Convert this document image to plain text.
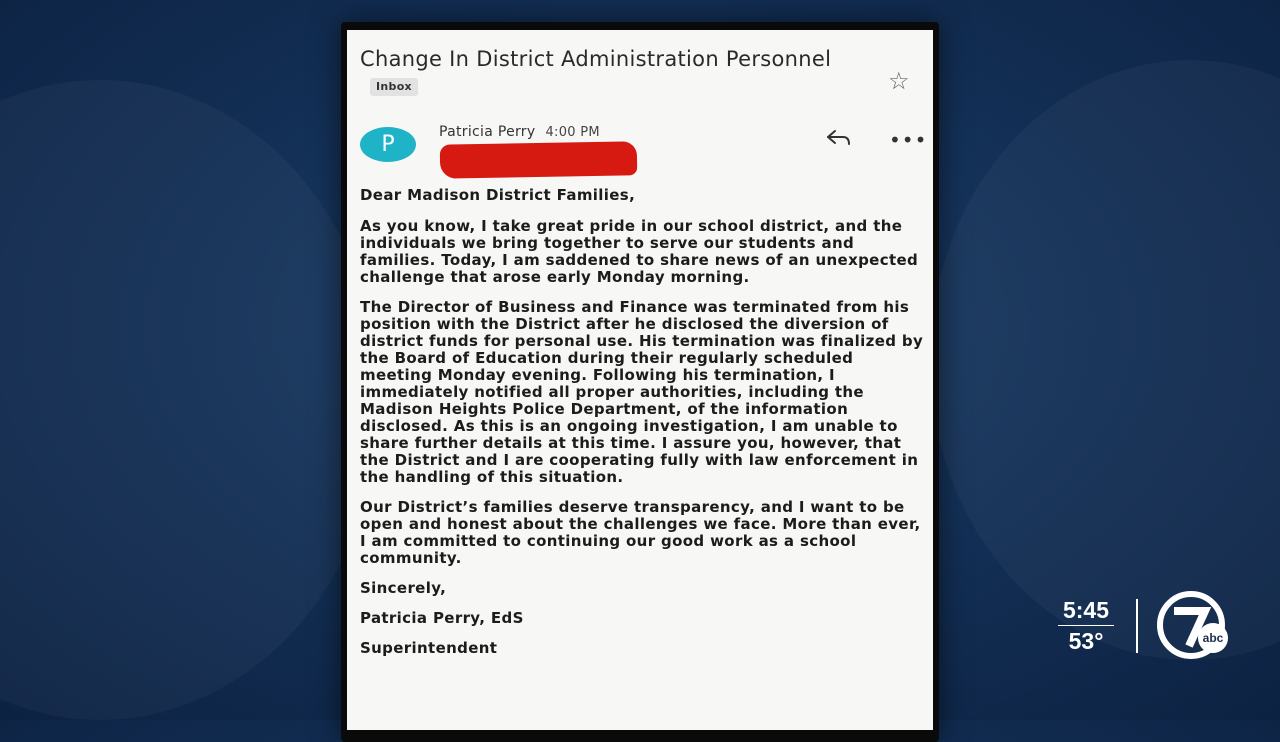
Change In District Administration Personnel Inbox	☆
P	Patricia Perry 4:00 PM	•••

Dear Madison District Families,

As you know, I take great pride in our school district, and the individuals we bring together to serve our students and families. Today, I am saddened to share news of an unexpected challenge that arose early Monday morning.

The Director of Business and Finance was terminated from his position with the District after he disclosed the diversion of district funds for personal use. His termination was finalized by the Board of Education during their regularly scheduled meeting Monday evening. Following his termination, I immediately notified all proper authorities, including the Madison Heights Police Department, of the information disclosed. As this is an ongoing investigation, I am unable to share further details at this time. I assure you, however, that the District and I are cooperating fully with law enforcement in the handling of this situation.

Our District’s families deserve transparency, and I want to be open and honest about the challenges we face. More than ever, I am committed to continuing our good work as a school community.

Sincerely,

Patricia Perry, EdS

Superintendent

5:45
53°	abc
